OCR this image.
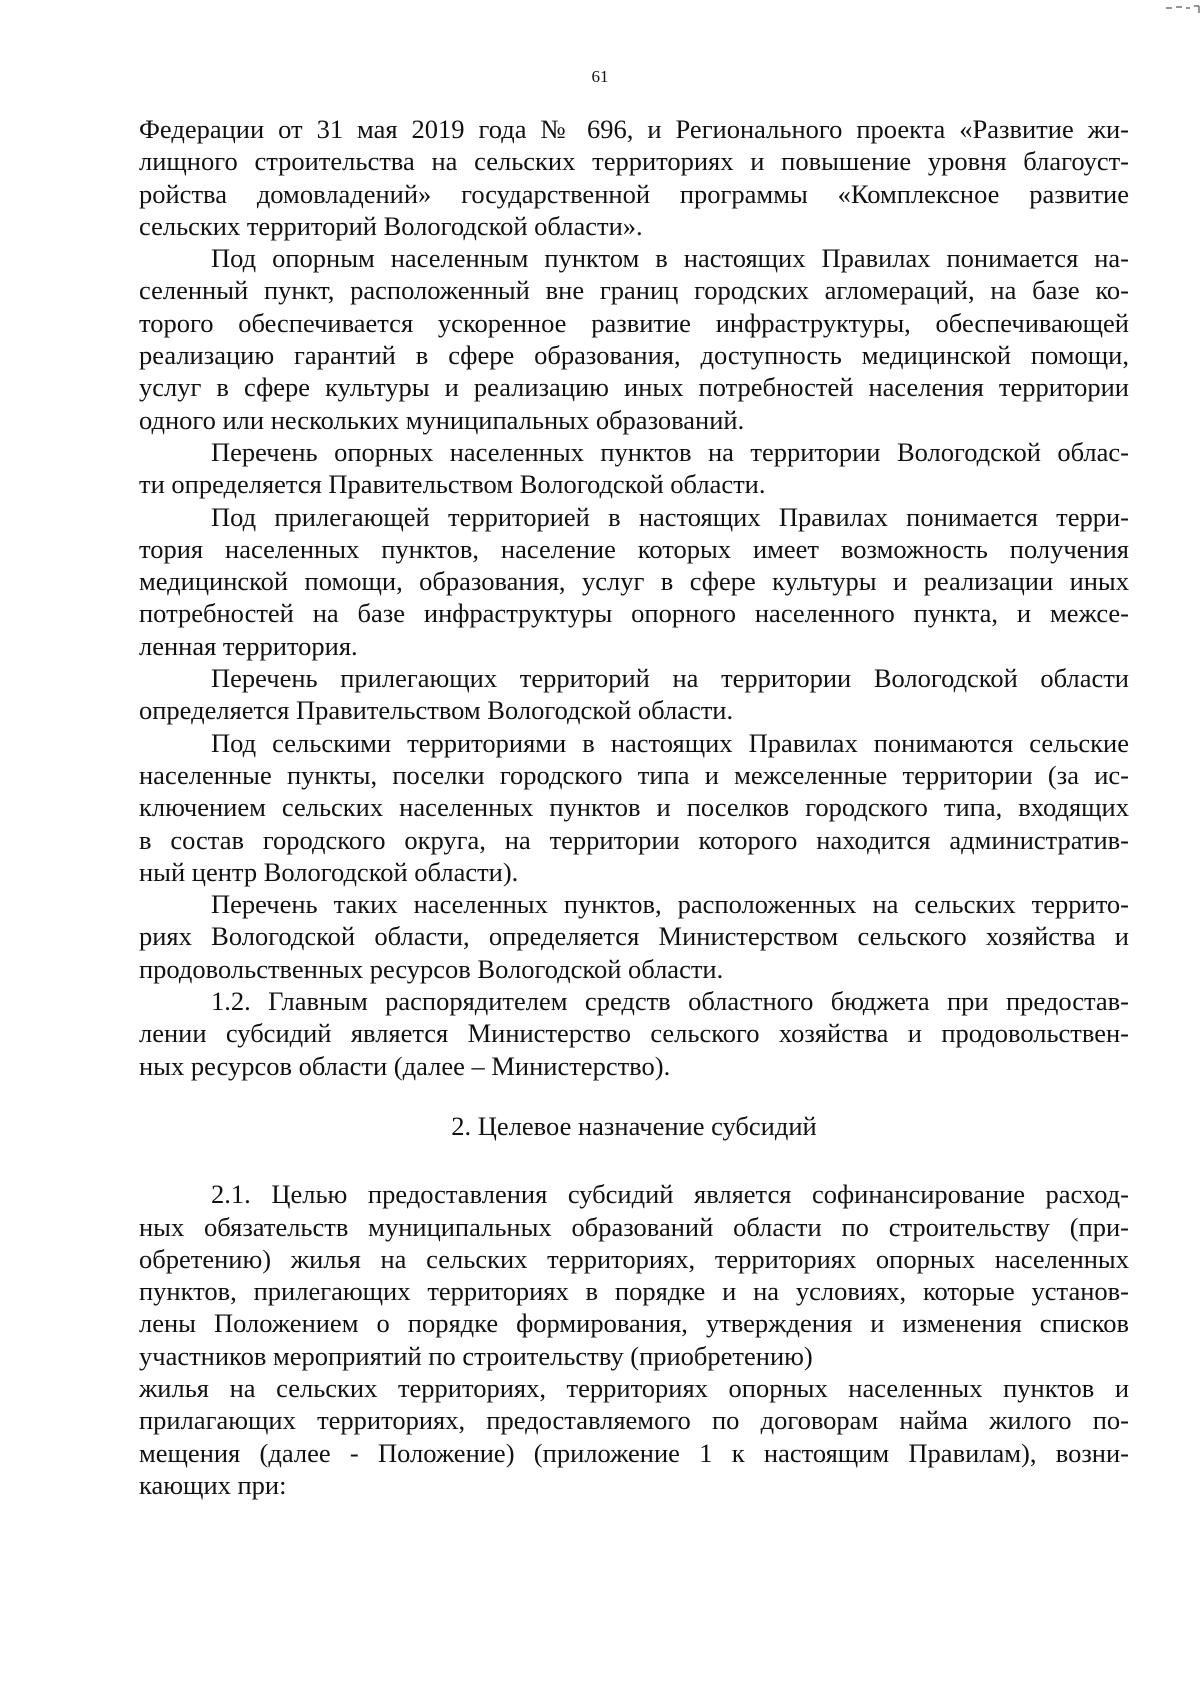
61

Федерации от 31 мая 2019 года № 696, и Регионального проекта «Развитие жи-
лищного строительства на сельских территориях и повышение уровня благоуст-
ройства домовладений» государственной программы «Комплексное развитие
сельских территорий Вологодской области».

Под опорным населенным пунктом в настоящих Правилах понимается на-
селенный пункт, расположенный вне границ городских агломераций, на базе ко-
торого обеспечивается ускоренное развитие инфраструктуры, обеспечивающей
реализацию гарантий в сфере образования, доступность медицинской помощи,
услуг в сфере культуры и реализацию иных потребностей населения территории
одного или нескольких муниципальных образований.

Перечень опорных населенных пунктов на территории Вологодской облас-
ти определяется Правительством Вологодской области.

Под прилегающей территорией в настоящих Правилах понимается терри-
тория населенных пунктов, население которых имеет возможность получения
медицинской помощи, образования, услуг в сфере культуры и реализации иных
потребностей на базе инфраструктуры опорного населенного пункта, и межсе-
ленная территория.

Перечень прилегающих территорий на территории Вологодской области
определяется Правительством Вологодской области.

Под сельскими территориями в настоящих Правилах понимаются сельские
населенные пункты, поселки городского типа и межселенные территории (за ис-
ключением сельских населенных пунктов и поселков городского типа, входящих
в состав городского округа, на территории которого находится административ-
ный центр Вологодской области).

Перечень таких населенных пунктов, расположенных на сельских террито-
риях Вологодской области, определяется Министерством сельского хозяйства и
продовольственных ресурсов Вологодской области.

1.2. Главным распорядителем средств областного бюджета при предостав-
лении субсидий является Министерство сельского хозяйства и продовольствен-
ных ресурсов области (далее – Министерство).

2. Целевое назначение субсидий

2.1. Целью предоставления субсидий является софинансирование расход-
ных обязательств муниципальных образований области по строительству (при-
обретению) жилья на сельских территориях, территориях опорных населенных
пунктов, прилегающих территориях в порядке и на условиях, которые установ-
лены Положением о порядке формирования, утверждения и изменения списков
участников мероприятий по строительству (приобретению)

жилья на сельских территориях, территориях опорных населенных пунктов и
прилагающих территориях, предоставляемого по договорам найма жилого по-
мещения (далее - Положение) (приложение 1 к настоящим Правилам), возни-
кающих при:
